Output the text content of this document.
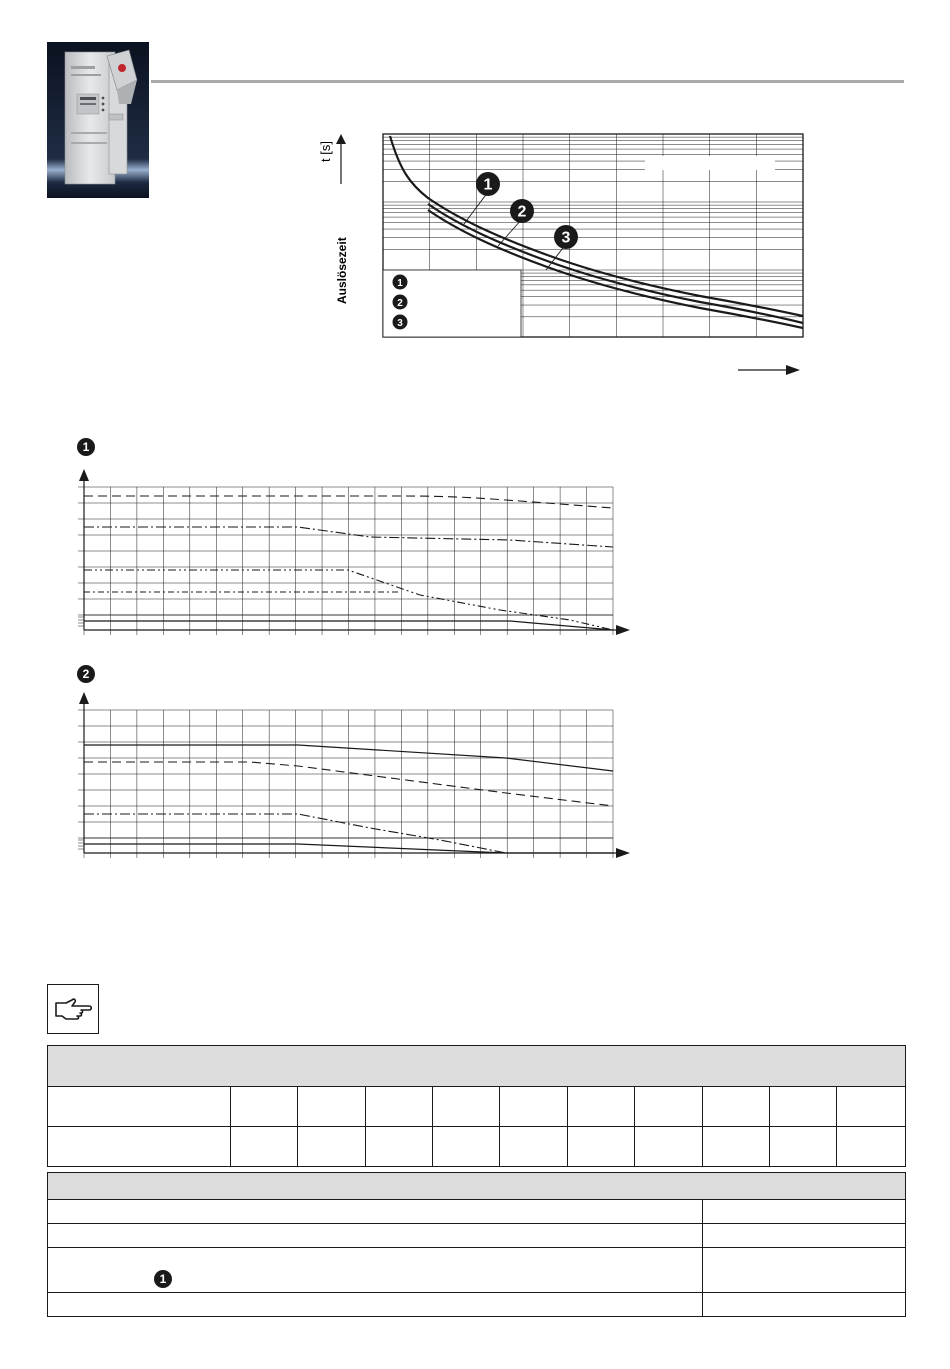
t [s]
Auslösezeit	1
2
3
1
2
3
1
2

1	
